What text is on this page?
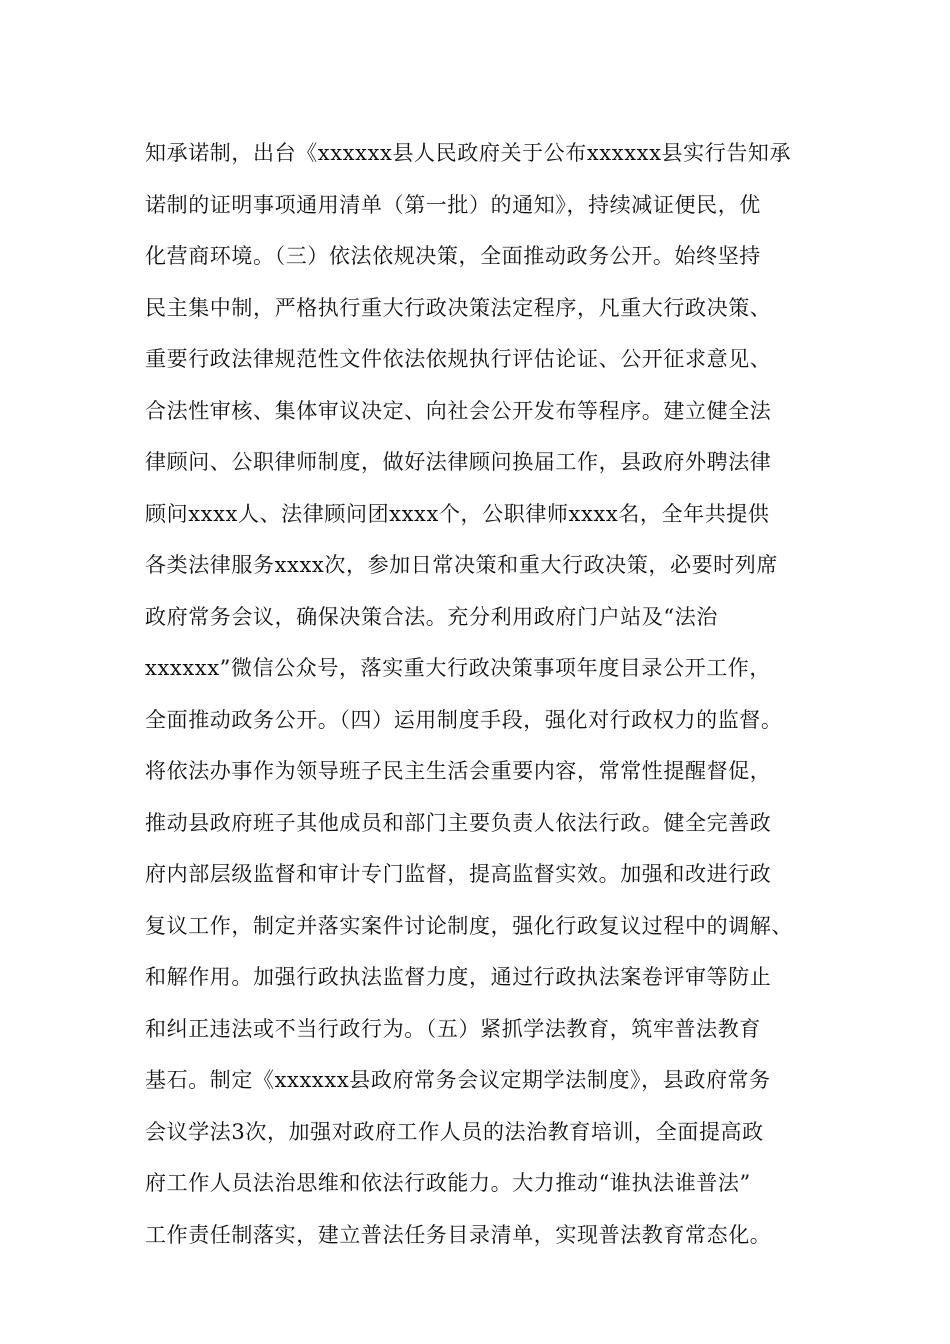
知承诺制，出台《xxxxxx县人民政府关于公布xxxxxx县实行告知承
诺制的证明事项通用清单（第一批）的通知》，持续减证便民，优
化营商环境。（三）依法依规决策，全面推动政务公开。始终坚持
民主集中制，严格执行重大行政决策法定程序，凡重大行政决策、
重要行政法律规范性文件依法依规执行评估论证、公开征求意见、
合法性审核、集体审议决定、向社会公开发布等程序。建立健全法
律顾问、公职律师制度，做好法律顾问换届工作，县政府外聘法律
顾问xxxx人、法律顾问团xxxx个，公职律师xxxx名，全年共提供
各类法律服务xxxx次，参加日常决策和重大行政决策，必要时列席
政府常务会议，确保决策合法。充分利用政府门户站及“法治
xxxxxx”微信公众号，落实重大行政决策事项年度目录公开工作，
全面推动政务公开。（四）运用制度手段，强化对行政权力的监督。
将依法办事作为领导班子民主生活会重要内容，常常性提醒督促，
推动县政府班子其他成员和部门主要负责人依法行政。健全完善政
府内部层级监督和审计专门监督，提高监督实效。加强和改进行政
复议工作，制定并落实案件讨论制度，强化行政复议过程中的调解、
和解作用。加强行政执法监督力度，通过行政执法案卷评审等防止
和纠正违法或不当行政行为。（五）紧抓学法教育，筑牢普法教育
基石。制定《xxxxxx县政府常务会议定期学法制度》，县政府常务
会议学法3次，加强对政府工作人员的法治教育培训，全面提高政
府工作人员法治思维和依法行政能力。大力推动“谁执法谁普法”
工作责任制落实，建立普法任务目录清单，实现普法教育常态化。
